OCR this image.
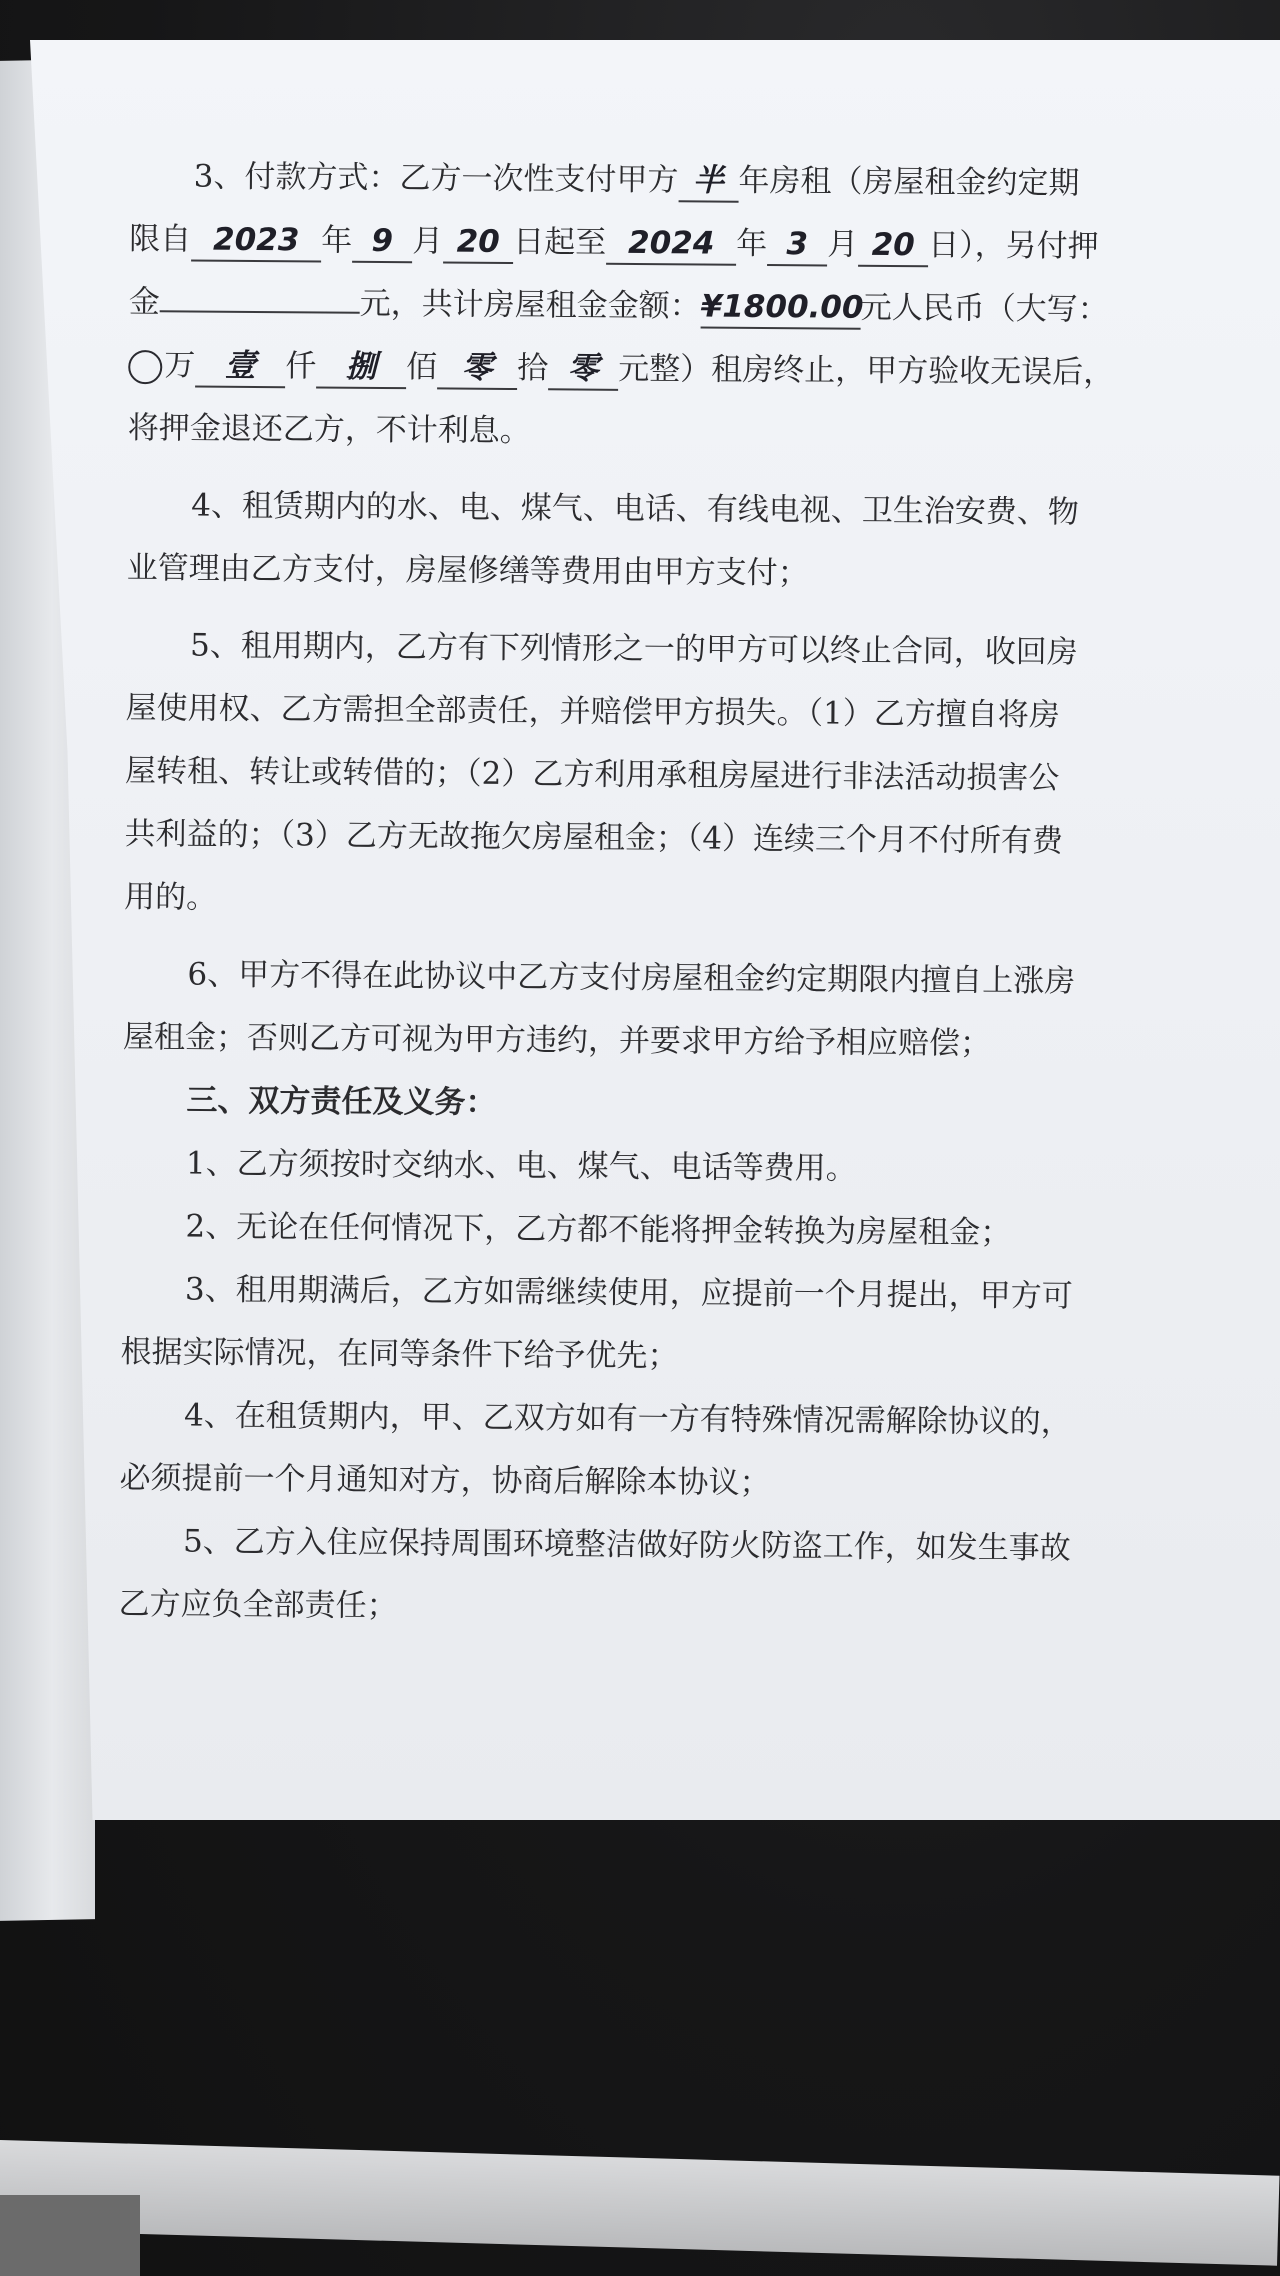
3、付款方式：乙方一次性支付甲方 半 年房租（房屋租金约定期
限自 2023 年 9 月 20 日起至 2024 年 3 月 20 日），另付押
金	元，共计房屋租金金额：¥1800.00元人民币（大写：
万 壹 仟 捌 佰 零 拾 零 元整）租房终止，甲方验收无误后，
将押金退还乙方，不计利息。
4、租赁期内的水、电、煤气、电话、有线电视、卫生治安费、物
业管理由乙方支付，房屋修缮等费用由甲方支付；
5、租用期内，乙方有下列情形之一的甲方可以终止合同，收回房
屋使用权、乙方需担全部责任，并赔偿甲方损失。（1）乙方擅自将房
屋转租、转让或转借的；（2）乙方利用承租房屋进行非法活动损害公
共利益的；（3）乙方无故拖欠房屋租金；（4）连续三个月不付所有费
用的。
6、甲方不得在此协议中乙方支付房屋租金约定期限内擅自上涨房
屋租金；否则乙方可视为甲方违约，并要求甲方给予相应赔偿；
三、双方责任及义务：
1、乙方须按时交纳水、电、煤气、电话等费用。
2、无论在任何情况下，乙方都不能将押金转换为房屋租金；
3、租用期满后，乙方如需继续使用，应提前一个月提出，甲方可
根据实际情况，在同等条件下给予优先；
4、在租赁期内，甲、乙双方如有一方有特殊情况需解除协议的，
必须提前一个月通知对方，协商后解除本协议；
5、乙方入住应保持周围环境整洁做好防火防盗工作，如发生事故
乙方应负全部责任；
